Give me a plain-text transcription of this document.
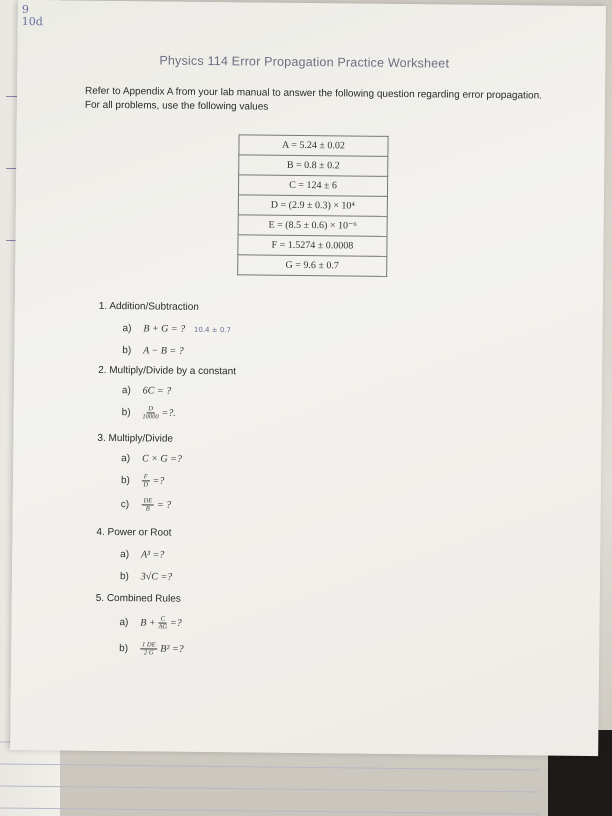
9
10d
Physics 114 Error Propagation Practice Worksheet
Refer to Appendix A from your lab manual to answer the following question regarding error propagation. For all problems, use the following values
A = 5.24 ± 0.02
B = 0.8 ± 0.2
C = 124 ± 6
D = (2.9 ± 0.3) × 10⁴
E = (8.5 ± 0.6) × 10⁻⁶
F = 1.5274 ± 0.0008
G = 9.6 ± 0.7
1. Addition/Subtraction
a) B + G = ? 10.4 ± 0.7
b) A − B = ?
2. Multiply/Divide by a constant
a) 6C = ?
$b) \frac{D}{10000}$ =?.
3. Multiply/Divide
a) C × G =?
$b) \frac{F}{D}$ =?
$c) \frac{DE}{B}$ = ?
4. Power or Root
a) A³ =?
b) 3√C =?
5. Combined Rules
a) $B + \frac{C}{AG}$ =?
$b) \frac{1 DE}{2 G} B^2$ =?
